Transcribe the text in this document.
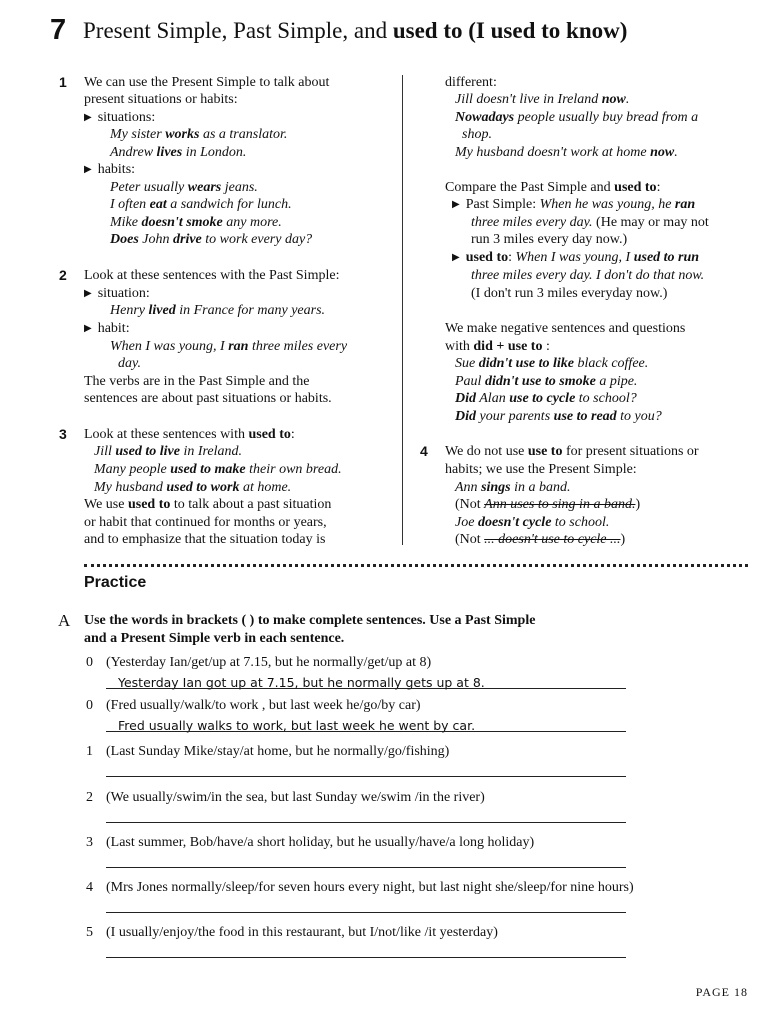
7 Present Simple, Past Simple, and used to (I used to know)
1 We can use the Present Simple to talk about
present situations or habits:
▶ situations:
My sister works as a translator.
Andrew lives in London.
▶ habits:
Peter usually wears jeans.
I often eat a sandwich for lunch.
Mike doesn't smoke any more.
Does John drive to work every day?
2 Look at these sentences with the Past Simple:
▶ situation:
Henry lived in France for many years.
▶ habit:
When I was young, I ran three miles every
day.
The verbs are in the Past Simple and the
sentences are about past situations or habits.
3 Look at these sentences with used to:
Jill used to live in Ireland.
Many people used to make their own bread.
My husband used to work at home.
We use used to to talk about a past situation
or habit that continued for months or years,
and to emphasize that the situation today is
different:
Jill doesn't live in Ireland now.
Nowadays people usually buy bread from a
shop.
My husband doesn't work at home now.
Compare the Past Simple and used to:
▶ Past Simple: When he was young, he ran
three miles every day. (He may or may not
run 3 miles every day now.)
▶ used to: When I was young, I used to run
three miles every day. I don't do that now.
(I don't run 3 miles everyday now.)
We make negative sentences and questions
with did + use to :
Sue didn't use to like black coffee.
Paul didn't use to smoke a pipe.
Did Alan use to cycle to school?
Did your parents use to read to you?
4 We do not use use to for present situations or
habits; we use the Present Simple:
Ann sings in a band.
(Not Ann uses to sing in a band.)
Joe doesn't cycle to school.
(Not ... doesn't use to cycle ...)
Practice
A Use the words in brackets ( ) to make complete sentences. Use a Past Simple
and a Present Simple verb in each sentence.
0 (Yesterday Ian/get/up at 7.15, but he normally/get/up at 8)
Yesterday Ian got up at 7.15, but he normally gets up at 8.
0 (Fred usually/walk/to work , but last week he/go/by car)
Fred usually walks to work, but last week he went by car.
1 (Last Sunday Mike/stay/at home, but he normally/go/fishing)
2 (We usually/swim/in the sea, but last Sunday we/swim /in the river)
3 (Last summer, Bob/have/a short holiday, but he usually/have/a long holiday)
4 (Mrs Jones normally/sleep/for seven hours every night, but last night she/sleep/for nine hours)
5 (I usually/enjoy/the food in this restaurant, but I/not/like /it yesterday)
PAGE 18
